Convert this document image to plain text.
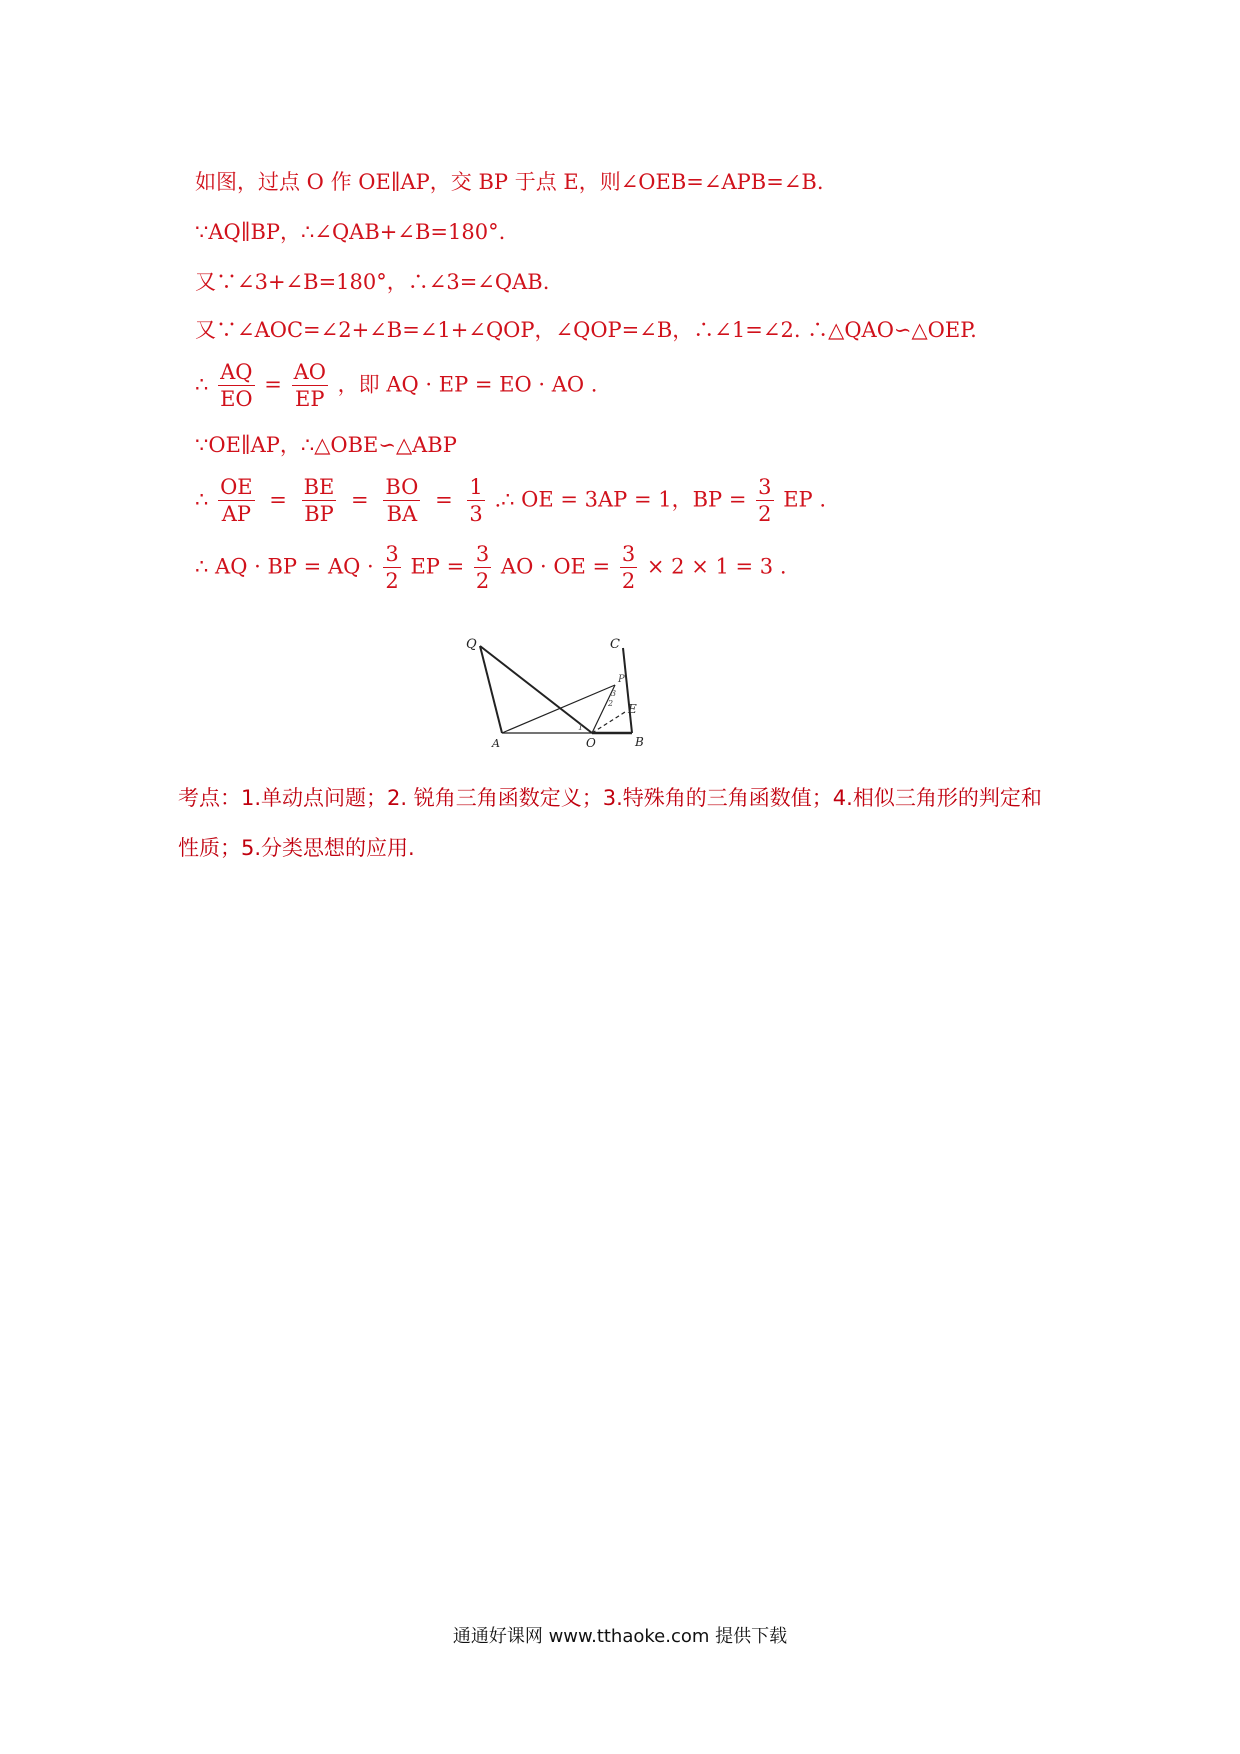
如图，过点 O 作 OE∥AP，交 BP 于点 E，则∠OEB=∠APB=∠B.
∵AQ∥BP，∴∠QAB+∠B=180°.
又∵∠3+∠B=180°，∴∠3=∠QAB.
又∵∠AOC=∠2+∠B=∠1+∠QOP，∠QOP=∠B，∴∠1=∠2. ∴△QAO∽△OEP.
∴ $\frac{AQ}{EO} = \frac{AO}{EP}$ ，即 AQ · EP = EO · AO .
∵OE∥AP，∴△OBE∽△ABP
∴ $\frac{OE}{AP} = \frac{BE}{BP} = \frac{BO}{BA} = \frac{1}{3}$ .∴ OE = 3AP = 1，BP = $\frac{3}{2}$ EP .
∴ AQ · BP = AQ · $\frac{3}{2}$ EP = $\frac{3}{2}$ AO · OE = $\frac{3}{2} \times 2 \times 1 = 3$ .
Q
A	O	B
C
P
E
1
2
3
考点：1.单动点问题；2. 锐角三角函数定义；3.特殊角的三角函数值；4.相似三角形的判定和
性质；5.分类思想的应用.
通通好课网 www.tthaoke.com 提供下载
